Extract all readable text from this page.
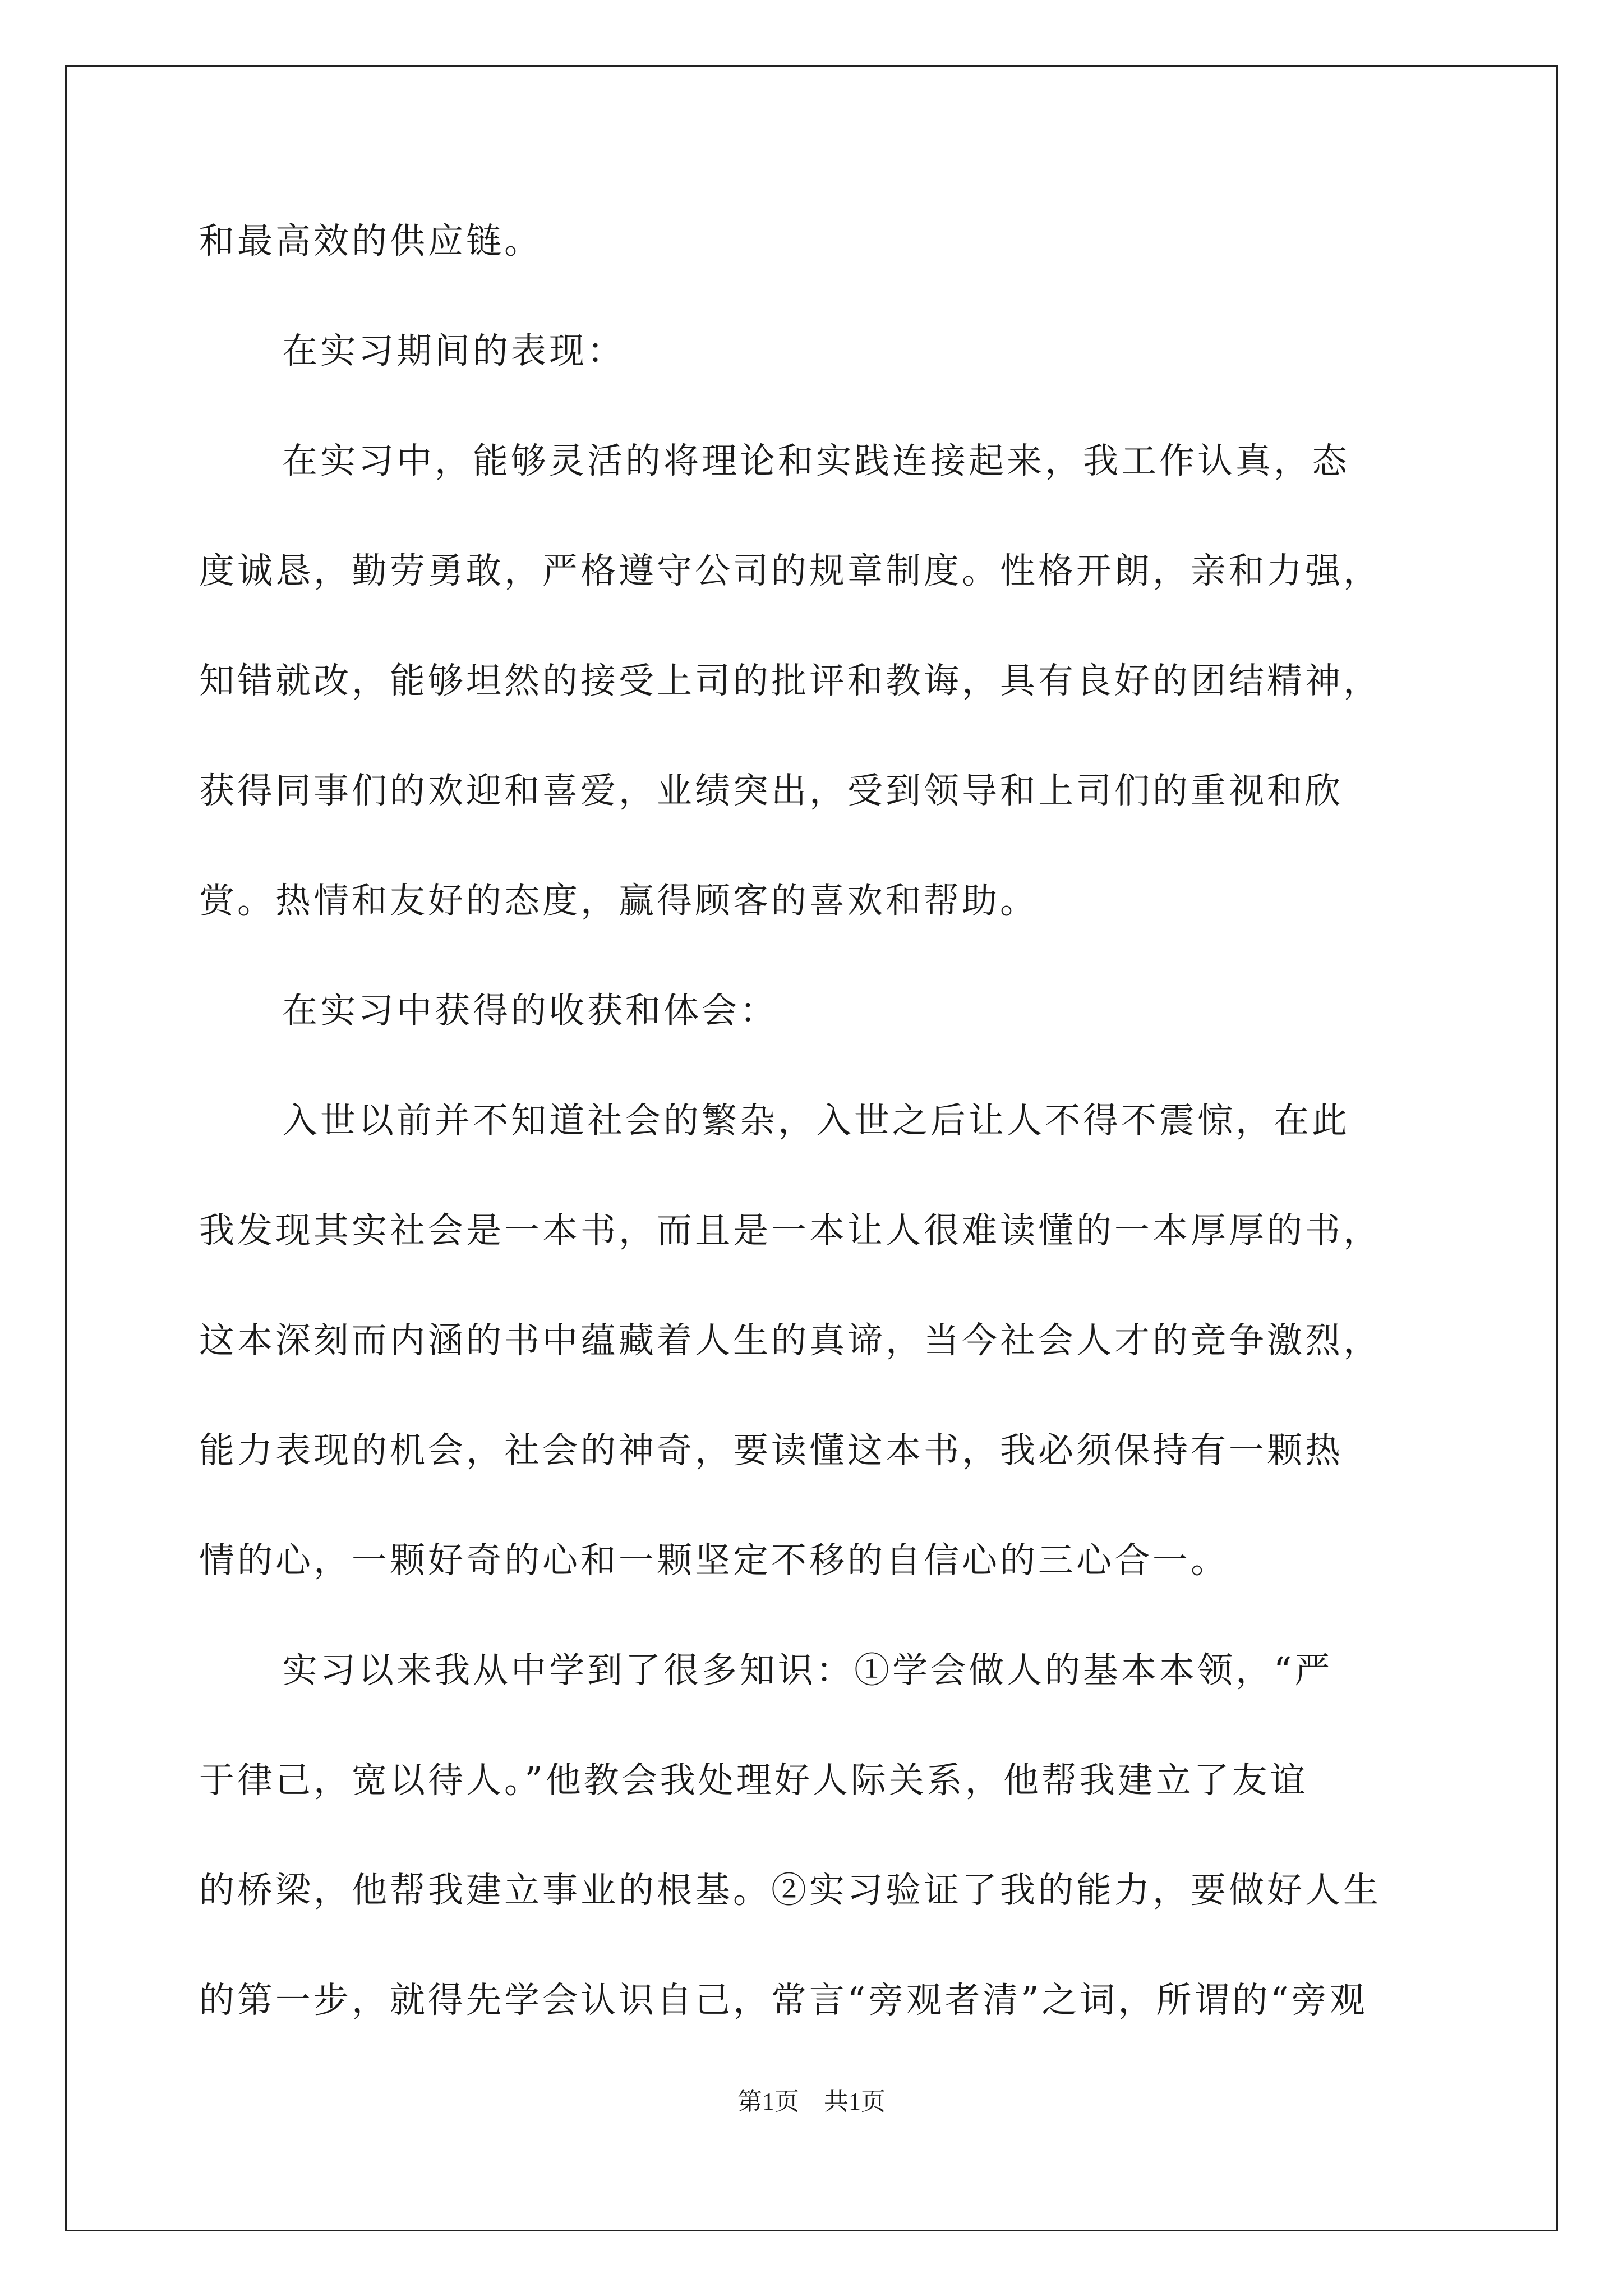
和最高效的供应链。
在实习期间的表现：
在实习中，能够灵活的将理论和实践连接起来，我工作认真，态
度诚恳，勤劳勇敢，严格遵守公司的规章制度。性格开朗，亲和力强，
知错就改，能够坦然的接受上司的批评和教诲，具有良好的团结精神，
获得同事们的欢迎和喜爱，业绩突出，受到领导和上司们的重视和欣
赏。热情和友好的态度，赢得顾客的喜欢和帮助。
在实习中获得的收获和体会：
入世以前并不知道社会的繁杂，入世之后让人不得不震惊，在此
我发现其实社会是一本书，而且是一本让人很难读懂的一本厚厚的书，
这本深刻而内涵的书中蕴藏着人生的真谛，当今社会人才的竞争激烈，
能力表现的机会，社会的神奇，要读懂这本书，我必须保持有一颗热
情的心，一颗好奇的心和一颗坚定不移的自信心的三心合一。
实习以来我从中学到了很多知识：①学会做人的基本本领，“严
于律己，宽以待人。”他教会我处理好人际关系，他帮我建立了友谊
的桥梁，他帮我建立事业的根基。②实习验证了我的能力，要做好人生
的第一步，就得先学会认识自己，常言“旁观者清”之词，所谓的“旁观
第1页　共1页
